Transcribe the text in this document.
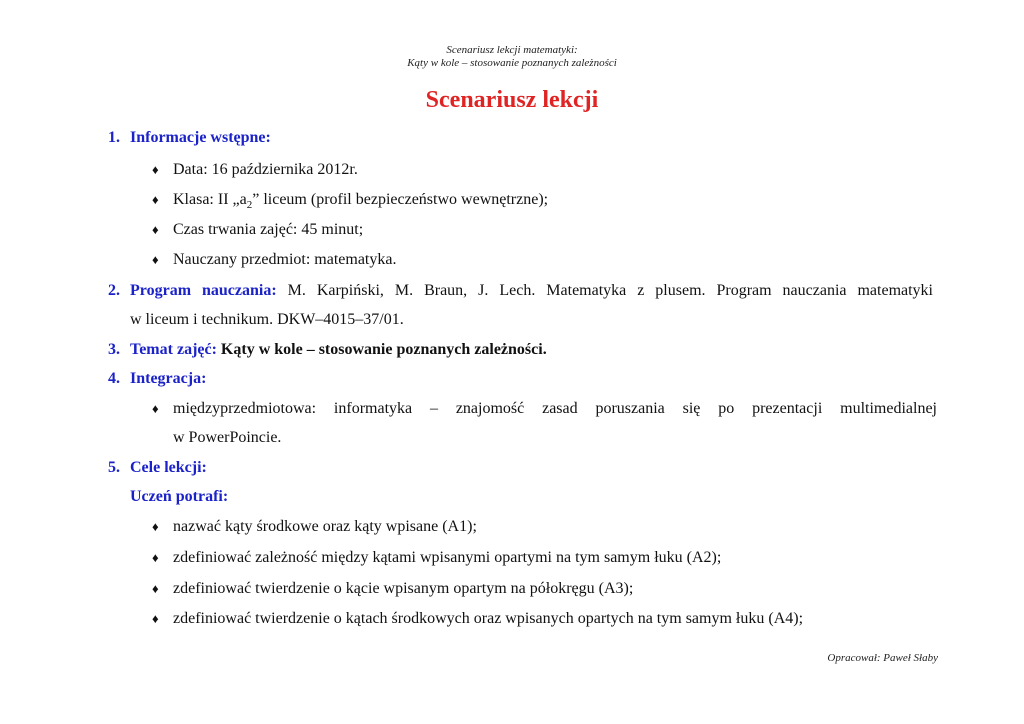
Scenariusz lekcji matematyki:
Kąty w kole – stosowanie poznanych zależności
Scenariusz lekcji
1. Informacje wstępne:
♦ Data: 16 października 2012r.
♦ Klasa: II $„a_2$” liceum (profil bezpieczeństwo wewnętrzne);
♦ Czas trwania zajęć: 45 minut;
♦ Nauczany przedmiot: matematyka.
2. Program nauczania: M. Karpiński, M. Braun, J. Lech. Matematyka z plusem. Program nauczania matematyki
w liceum i technikum. DKW–4015–37/01.
3. Temat zajęć: Kąty w kole – stosowanie poznanych zależności.
4. Integracja:
♦ międzyprzedmiotowa: informatyka – znajomość zasad poruszania się po prezentacji multimedialnej
w PowerPoincie.
5. Cele lekcji:
Uczeń potrafi:
♦ nazwać kąty środkowe oraz kąty wpisane (A1);
♦ zdefiniować zależność między kątami wpisanymi opartymi na tym samym łuku (A2);
♦ zdefiniować twierdzenie o kącie wpisanym opartym na półokręgu (A3);
♦ zdefiniować twierdzenie o kątach środkowych oraz wpisanych opartych na tym samym łuku (A4);
Opracował: Paweł Słaby
